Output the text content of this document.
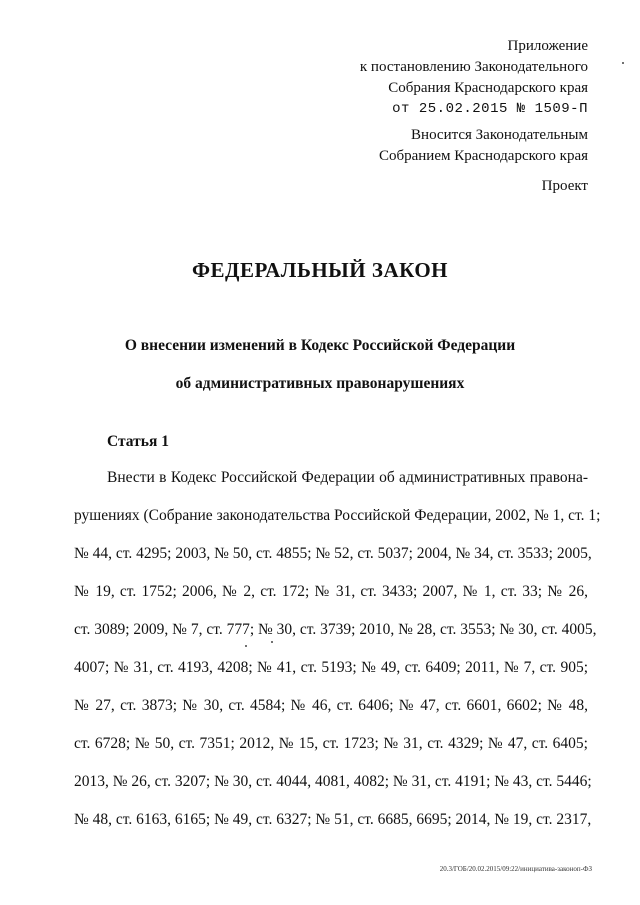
Приложение
к постановлению Законодательного
Собрания Краснодарского края
от 25.02.2015 № 1509-П
Вносится Законодательным
Собранием Краснодарского края
Проект
ФЕДЕРАЛЬНЫЙ ЗАКОН
О внесении изменений в Кодекс Российской Федерации
об административных правонарушениях
Статья 1
Внести в Кодекс Российской Федерации об административных правона-
рушениях (Собрание законодательства Российской Федерации, 2002, № 1, ст. 1;
№ 44, ст. 4295; 2003, № 50, ст. 4855; № 52, ст. 5037; 2004, № 34, ст. 3533; 2005,
№ 19, ст. 1752; 2006, № 2, ст. 172; № 31, ст. 3433; 2007, № 1, ст. 33; № 26,
ст. 3089; 2009, № 7, ст. 777; № 30, ст. 3739; 2010, № 28, ст. 3553; № 30, ст. 4005,
4007; № 31, ст. 4193, 4208; № 41, ст. 5193; № 49, ст. 6409; 2011, № 7, ст. 905;
№ 27, ст. 3873; № 30, ст. 4584; № 46, ст. 6406; № 47, ст. 6601, 6602; № 48,
ст. 6728; № 50, ст. 7351; 2012, № 15, ст. 1723; № 31, ст. 4329; № 47, ст. 6405;
2013, № 26, ст. 3207; № 30, ст. 4044, 4081, 4082; № 31, ст. 4191; № 43, ст. 5446;
№ 48, ст. 6163, 6165; № 49, ст. 6327; № 51, ст. 6685, 6695; 2014, № 19, ст. 2317,
20.3/ГОБ/20.02.2015/09:22/инициатива-законоп-ФЗ
